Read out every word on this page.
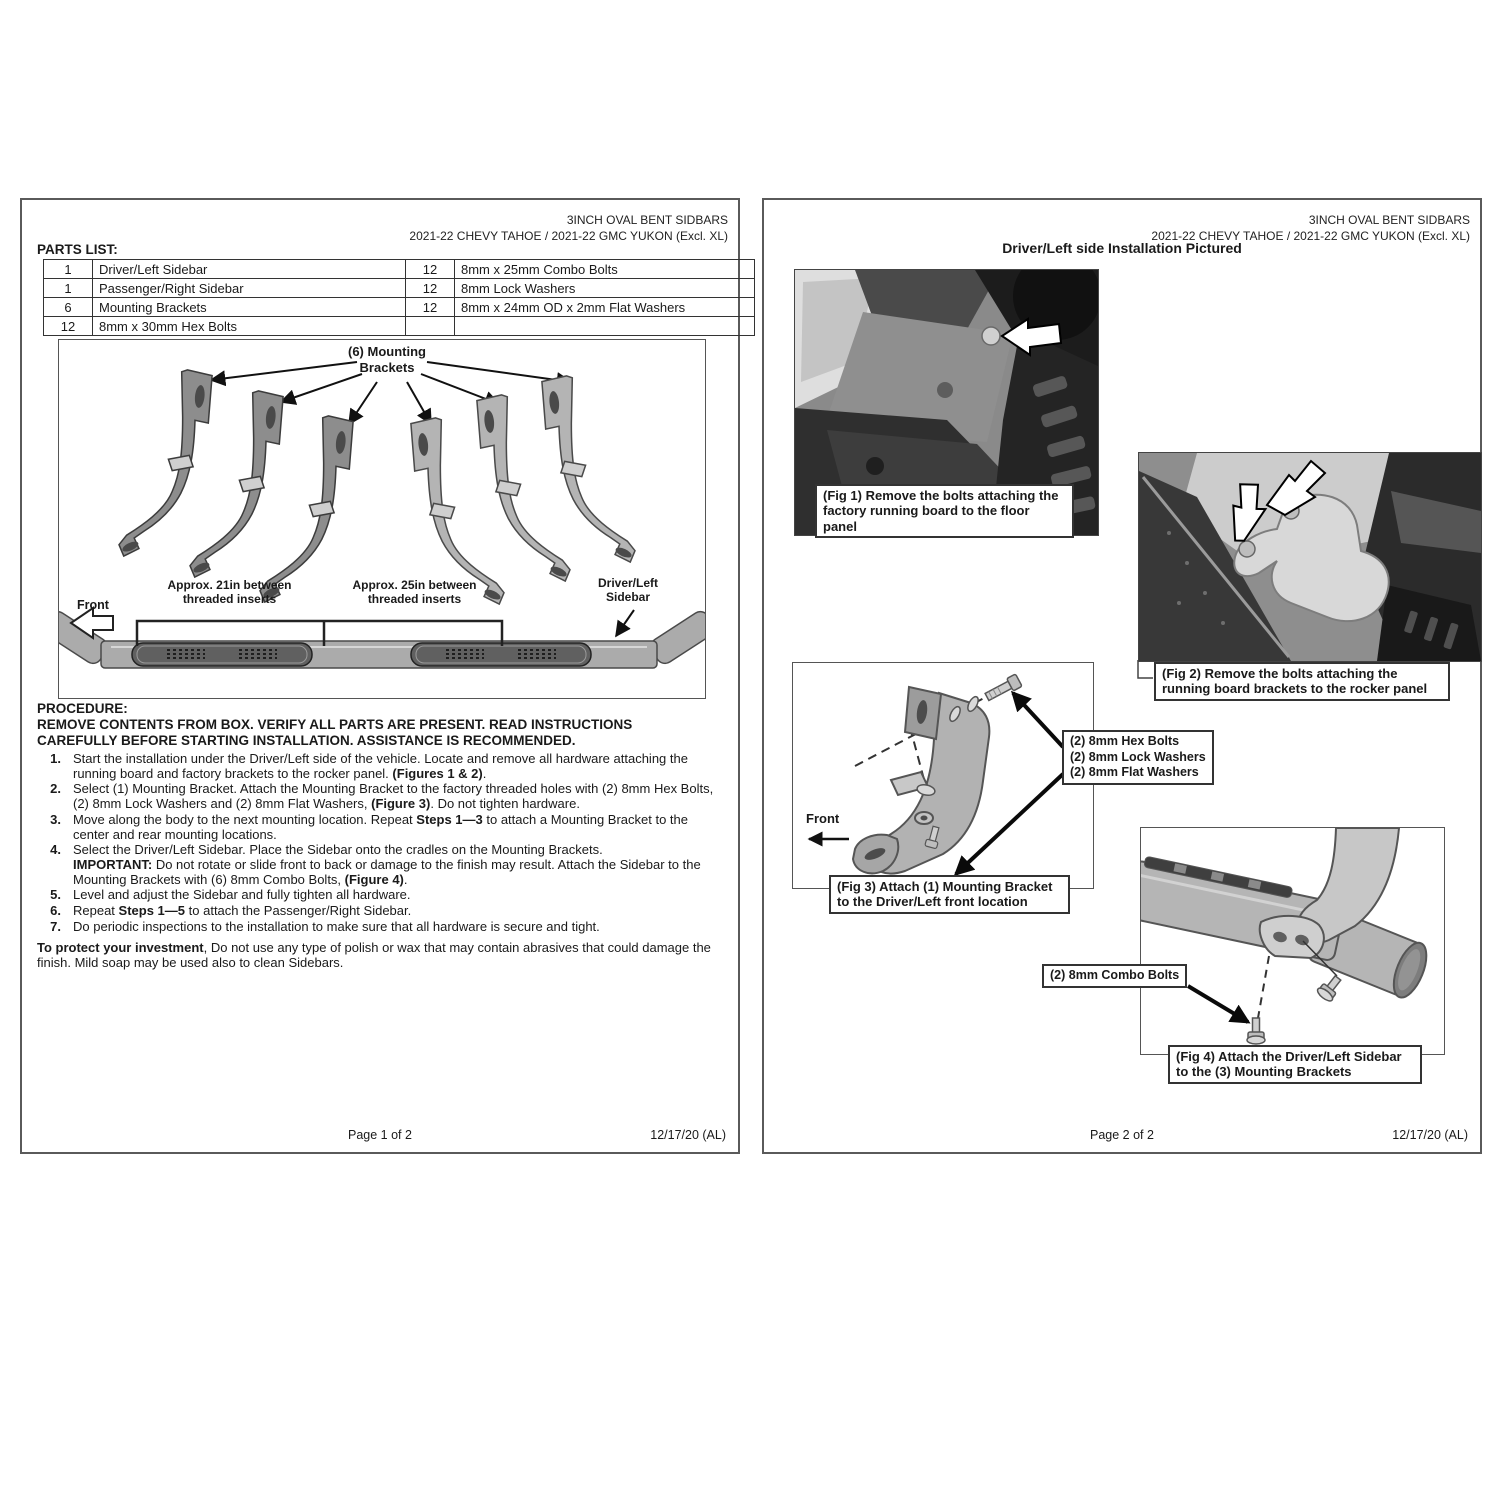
3INCH OVAL BENT SIDBARS
2021-22 CHEVY TAHOE / 2021-22 GMC YUKON (Excl. XL)
PARTS LIST:
1	Driver/Left Sidebar	12	8mm x 25mm Combo Bolts
1	Passenger/Right Sidebar	12	8mm Lock Washers
6	Mounting Brackets	12	8mm x 24mm OD x 2mm Flat Washers
12	8mm x 30mm Hex Bolts		
(6) Mounting Brackets
Front
Approx. 21in between threaded inserts
Approx. 25in between threaded inserts
Driver/Left Sidebar
PROCEDURE:
REMOVE CONTENTS FROM BOX. VERIFY ALL PARTS ARE PRESENT. READ INSTRUCTIONS CAREFULLY BEFORE STARTING INSTALLATION. ASSISTANCE IS RECOMMENDED.
1. Start the installation under the Driver/Left side of the vehicle. Locate and remove all hardware attaching the running board and factory brackets to the rocker panel. (Figures 1 & 2).
2. Select (1) Mounting Bracket. Attach the Mounting Bracket to the factory threaded holes with (2) 8mm Hex Bolts, (2) 8mm Lock Washers and (2) 8mm Flat Washers, (Figure 3). Do not tighten hardware.
3. Move along the body to the next mounting location. Repeat Steps 1—3 to attach a Mounting Bracket to the center and rear mounting locations.
4. Select the Driver/Left Sidebar. Place the Sidebar onto the cradles on the Mounting Brackets.
IMPORTANT: Do not rotate or slide front to back or damage to the finish may result. Attach the Sidebar to the Mounting Brackets with (6) 8mm Combo Bolts, (Figure 4).
5. Level and adjust the Sidebar and fully tighten all hardware.
6. Repeat Steps 1—5 to attach the Passenger/Right Sidebar.
7. Do periodic inspections to the installation to make sure that all hardware is secure and tight.
To protect your investment, Do not use any type of polish or wax that may contain abrasives that could damage the finish. Mild soap may be used also to clean Sidebars.
Page 1 of 2	12/17/20 (AL)
3INCH OVAL BENT SIDBARS
2021-22 CHEVY TAHOE / 2021-22 GMC YUKON (Excl. XL)
Driver/Left side Installation Pictured
(Fig 1) Remove the bolts attaching the factory running board to the floor panel
(Fig 2) Remove the bolts attaching the running board brackets to the rocker panel
Front
(Fig 3) Attach (1) Mounting Bracket to the Driver/Left front location
(2) 8mm Hex Bolts
(2) 8mm Lock Washers
(2) 8mm Flat Washers
(Fig 4) Attach the Driver/Left Sidebar to the (3) Mounting Brackets
(2) 8mm Combo Bolts
Page 2 of 2	12/17/20 (AL)
